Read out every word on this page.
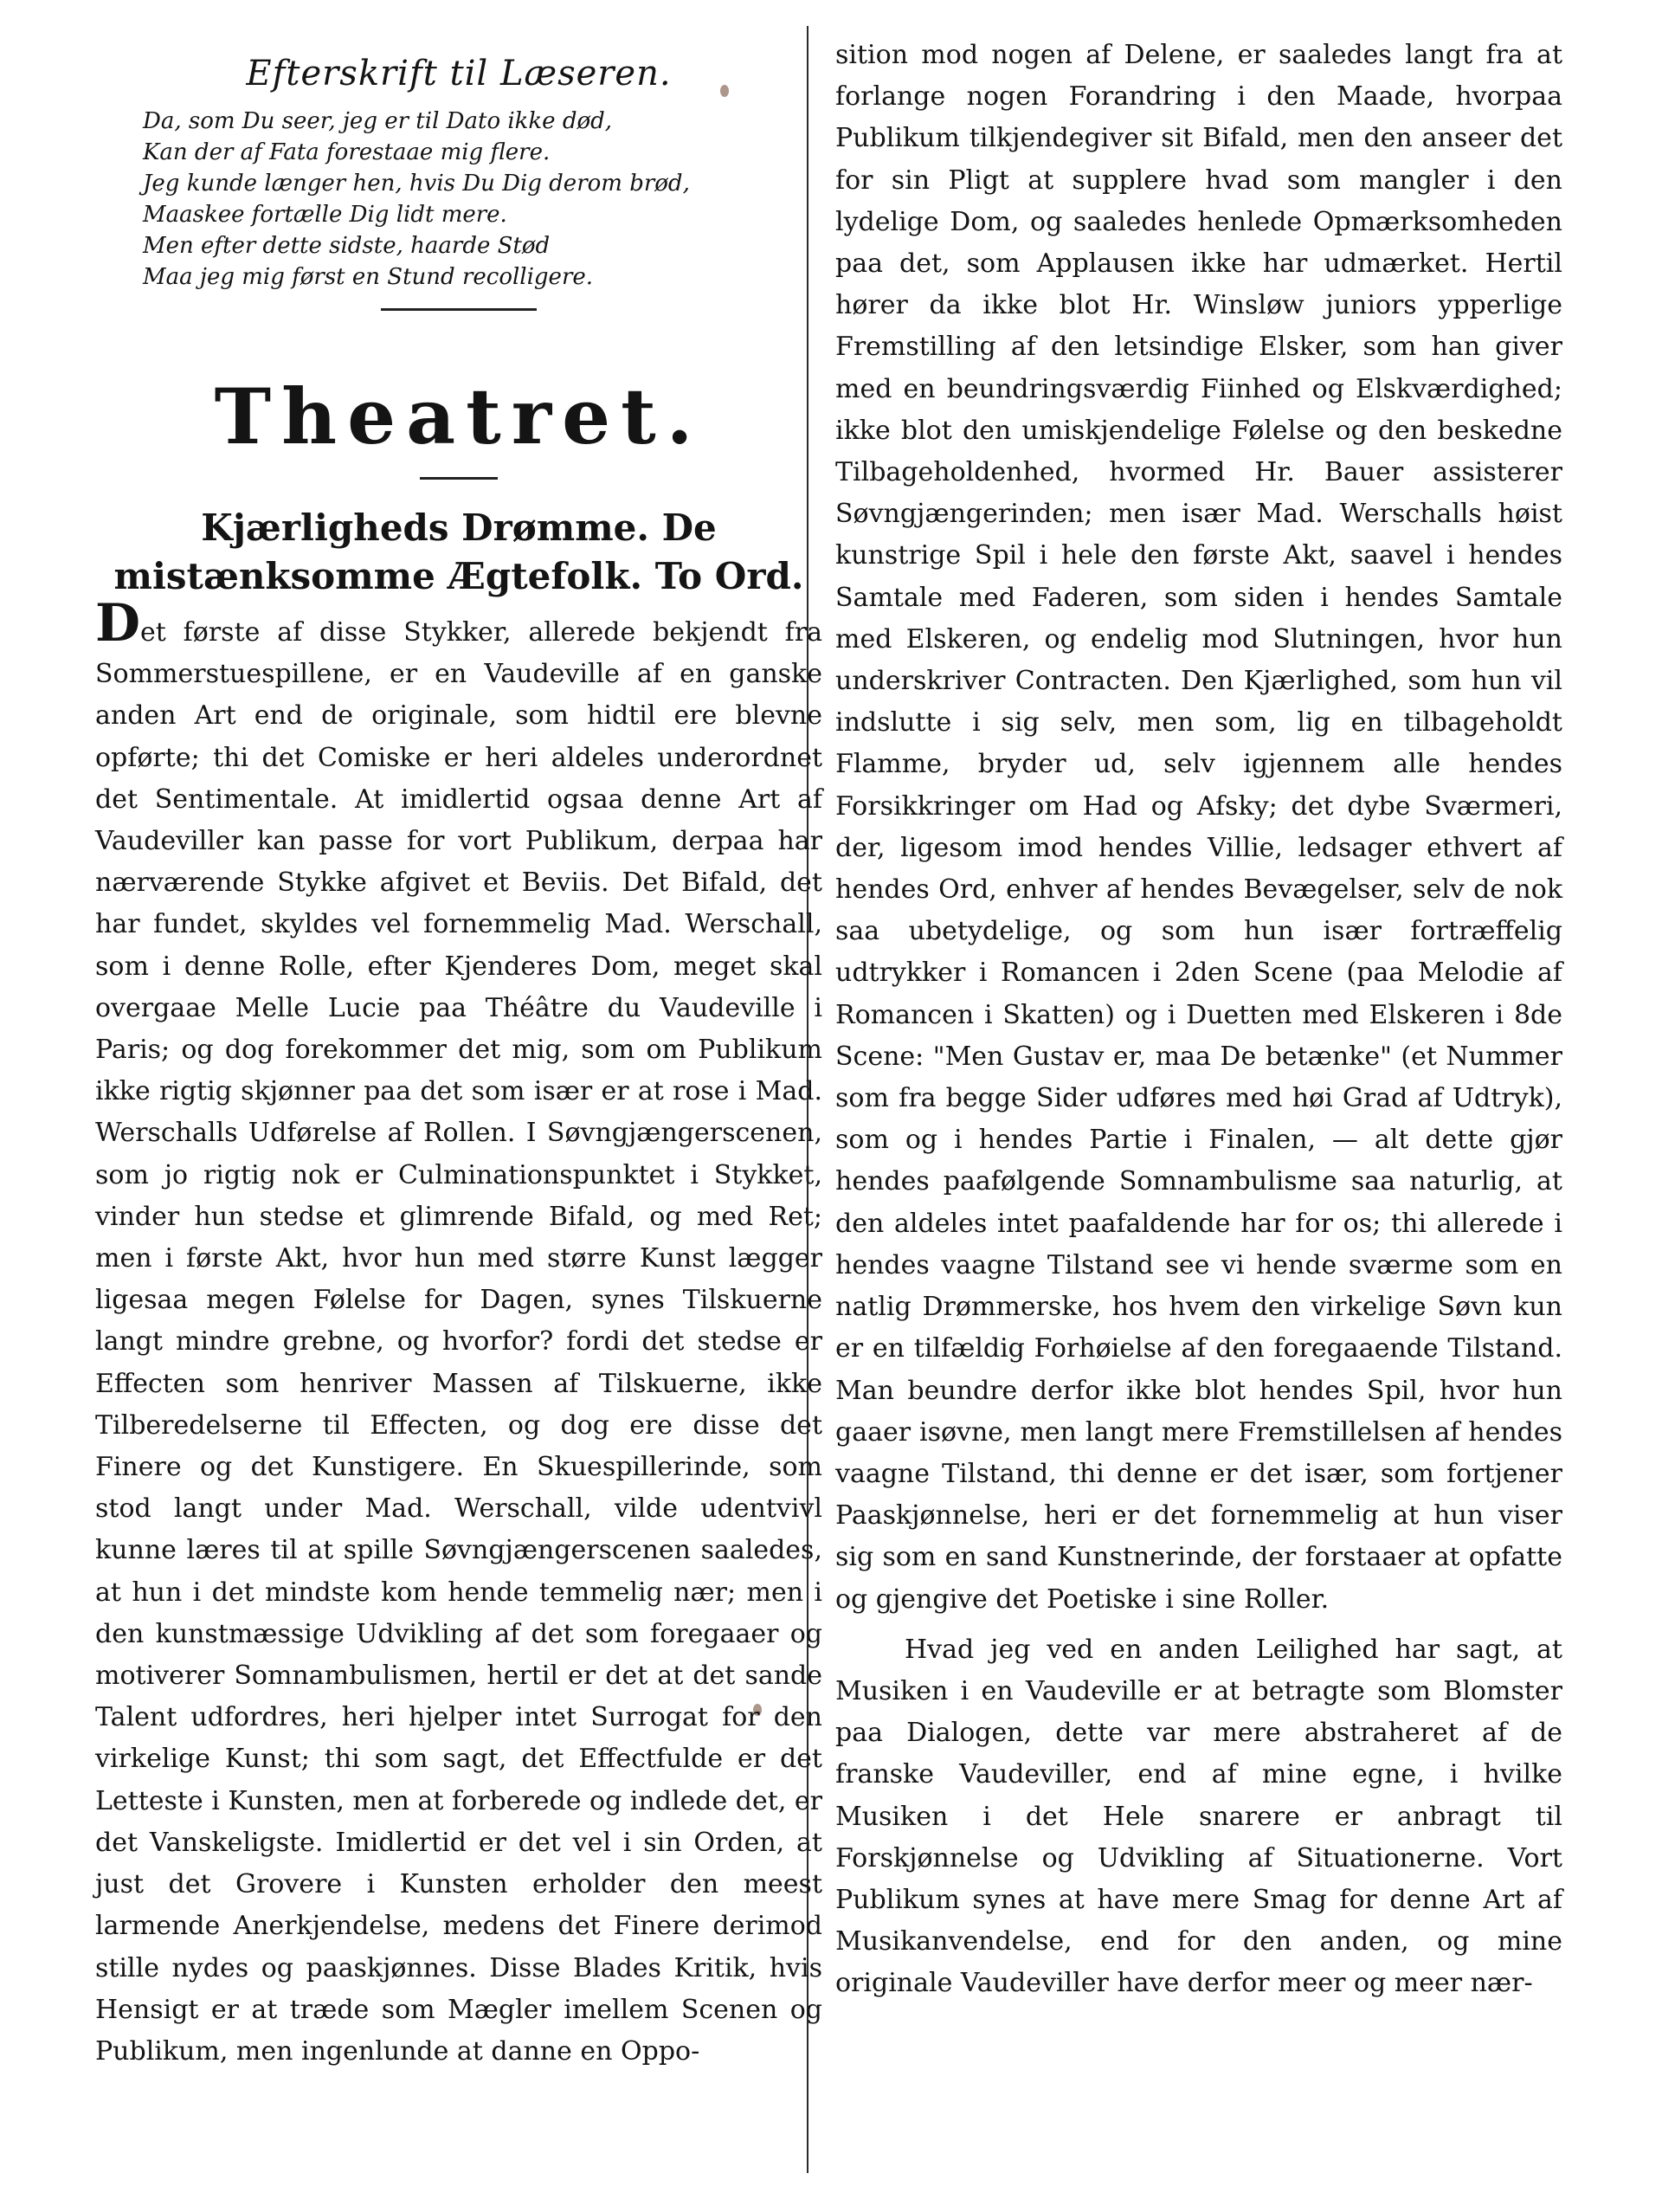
Efterskrift til Læseren.
Da, som Du seer, jeg er til Dato ikke død,
Kan der af Fata forestaae mig flere.
Jeg kunde længer hen, hvis Du Dig derom brød,
Maaskee fortælle Dig lidt mere.
Men efter dette sidste, haarde Stød
Maa jeg mig først en Stund recolligere.
Theatret.
Kjærligheds Drømme. De mistænksomme Ægtefolk. To Ord.

Det første af disse Stykker, allerede bekjendt fra Sommerstuespillene, er en Vaudeville af en ganske anden Art end de originale, som hidtil ere blevne opførte; thi det Comiske er heri aldeles underordnet det Sentimentale. At imidlertid ogsaa denne Art af Vaudeviller kan passe for vort Publikum, derpaa har nærværende Stykke afgivet et Beviis. Det Bifald, det har fundet, skyldes vel fornemmelig Mad. Werschall, som i denne Rolle, efter Kjenderes Dom, meget skal overgaae Melle Lucie paa Théâtre du Vaudeville i Paris; og dog forekommer det mig, som om Publikum ikke rigtig skjønner paa det som især er at rose i Mad. Werschalls Udførelse af Rollen. I Søvngjængerscenen, som jo rigtig nok er Culminationspunktet i Stykket, vinder hun stedse et glimrende Bifald, og med Ret; men i første Akt, hvor hun med større Kunst lægger ligesaa megen Følelse for Dagen, synes Tilskuerne langt mindre grebne, og hvorfor? fordi det stedse er Effecten som henriver Massen af Tilskuerne, ikke Tilberedelserne til Effecten, og dog ere disse det Finere og det Kunstigere. En Skuespillerinde, som stod langt under Mad. Werschall, vilde udentvivl kunne læres til at spille Søvngjængerscenen saaledes, at hun i det mindste kom hende temmelig nær; men i den kunstmæssige Udvikling af det som foregaaer og motiverer Somnambulismen, hertil er det at det sande Talent udfordres, heri hjelper intet Surrogat for den virkelige Kunst; thi som sagt, det Effectfulde er det Letteste i Kunsten, men at forberede og indlede det, er det Vanskeligste. Imidlertid er det vel i sin Orden, at just det Grovere i Kunsten erholder den meest larmende Anerkjendelse, medens det Finere derimod stille nydes og paaskjønnes. Disse Blades Kritik, hvis Hensigt er at træde som Mægler imellem Scenen og Publikum, men ingenlunde at danne en Oppo-

sition mod nogen af Delene, er saaledes langt fra at forlange nogen Forandring i den Maade, hvorpaa Publikum tilkjendegiver sit Bifald, men den anseer det for sin Pligt at supplere hvad som mangler i den lydelige Dom, og saaledes henlede Opmærksomheden paa det, som Applausen ikke har udmærket. Hertil hører da ikke blot Hr. Winsløw juniors ypperlige Fremstilling af den letsindige Elsker, som han giver med en beundringsværdig Fiinhed og Elskværdighed; ikke blot den umiskjendelige Følelse og den beskedne Tilbageholdenhed, hvormed Hr. Bauer assisterer Søvngjængerinden; men især Mad. Werschalls høist kunstrige Spil i hele den første Akt, saavel i hendes Samtale med Faderen, som siden i hendes Samtale med Elskeren, og endelig mod Slutningen, hvor hun underskriver Contracten. Den Kjærlighed, som hun vil indslutte i sig selv, men som, lig en tilbageholdt Flamme, bryder ud, selv igjennem alle hendes Forsikkringer om Had og Afsky; det dybe Sværmeri, der, ligesom imod hendes Villie, ledsager ethvert af hendes Ord, enhver af hendes Bevægelser, selv de nok saa ubetydelige, og som hun især fortræffelig udtrykker i Romancen i 2den Scene (paa Melodie af Romancen i Skatten) og i Duetten med Elskeren i 8de Scene: "Men Gustav er, maa De betænke" (et Nummer som fra begge Sider udføres med høi Grad af Udtryk), som og i hendes Partie i Finalen, — alt dette gjør hendes paafølgende Somnambulisme saa naturlig, at den aldeles intet paafaldende har for os; thi allerede i hendes vaagne Tilstand see vi hende sværme som en natlig Drømmerske, hos hvem den virkelige Søvn kun er en tilfældig Forhøielse af den foregaaende Tilstand. Man beundre derfor ikke blot hendes Spil, hvor hun gaaer isøvne, men langt mere Fremstillelsen af hendes vaagne Tilstand, thi denne er det især, som fortjener Paaskjønnelse, heri er det fornemmelig at hun viser sig som en sand Kunstnerinde, der forstaaer at opfatte og gjengive det Poetiske i sine Roller.

Hvad jeg ved en anden Leilighed har sagt, at Musiken i en Vaudeville er at betragte som Blomster paa Dialogen, dette var mere abstraheret af de franske Vaudeviller, end af mine egne, i hvilke Musiken i det Hele snarere er anbragt til Forskjønnelse og Udvikling af Situationerne. Vort Publikum synes at have mere Smag for denne Art af Musikanvendelse, end for den anden, og mine originale Vaudeviller have derfor meer og meer nær-
